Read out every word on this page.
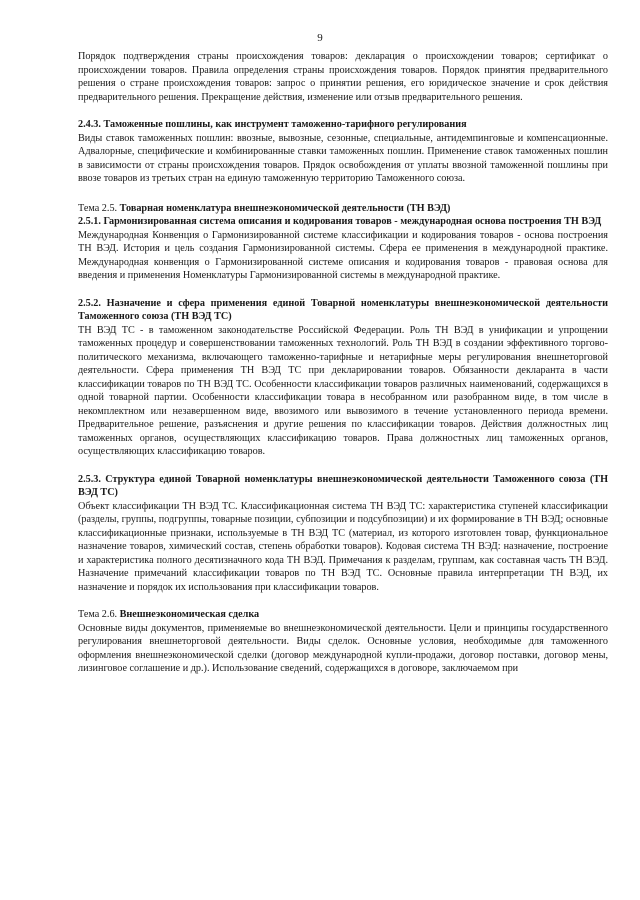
9

Порядок подтверждения страны происхождения товаров: декларация о происхождении товаров; сертификат о происхождении товаров. Правила определения страны происхождения товаров. Порядок принятия предварительного решения о стране происхождения товаров: запрос о принятии решения, его юридическое значение и срок действия предварительного решения. Прекращение действия, изменение или отзыв предварительного решения.

2.4.3. Таможенные пошлины, как инструмент таможенно-тарифного регулирования

Виды ставок таможенных пошлин: ввозные, вывозные, сезонные, специальные, антидемпинговые и компенсационные. Адвалорные, специфические и комбинированные ставки таможенных пошлин. Применение ставок таможенных пошлин в зависимости от страны происхождения товаров. Прядок освобождения от уплаты ввозной таможенной пошлины при ввозе товаров из третьих стран на единую таможенную территорию Таможенного союза.

Тема 2.5. Товарная номенклатура внешнеэкономической деятельности (ТН ВЭД)

2.5.1. Гармонизированная система описания и кодирования товаров - международная основа построения ТН ВЭД

Международная Конвенция о Гармонизированной системе классификации и кодирования товаров - основа построения ТН ВЭД. История и цель создания Гармонизированной системы. Сфера ее применения в международной практике. Международная конвенция о Гармонизированной системе описания и кодирования товаров - правовая основа для введения и применения Номенклатуры Гармонизированной системы в международной практике.

2.5.2. Назначение и сфера применения единой Товарной номенклатуры внешнеэкономической деятельности Таможенного союза (ТН ВЭД ТС)

ТН ВЭД ТС - в таможенном законодательстве Российской Федерации. Роль ТН ВЭД в унификации и упрощении таможенных процедур и совершенствовании таможенных технологий. Роль ТН ВЭД в создании эффективного торгово-политического механизма, включающего таможенно-тарифные и нетарифные меры регулирования внешнеторговой деятельности. Сфера применения ТН ВЭД ТС при декларировании товаров. Обязанности декларанта в части классификации товаров по ТН ВЭД ТС. Особенности классификации товаров различных наименований, содержащихся в одной товарной партии. Особенности классификации товара в несобранном или разобранном виде, в том числе в некомплектном или незавершенном виде, ввозимого или вывозимого в течение установленного периода времени. Предварительное решение, разъяснения и другие решения по классификации товаров. Действия должностных лиц таможенных органов, осуществляющих классификацию товаров. Права должностных лиц таможенных органов, осуществляющих классификацию товаров.

2.5.3. Структура единой Товарной номенклатуры внешнеэкономической деятельности Таможенного союза (ТН ВЭД ТС)

Объект классификации ТН ВЭД ТС. Классификационная система ТН ВЭД ТС: характеристика ступеней классификации (разделы, группы, подгруппы, товарные позиции, субпозиции и подсубпозиции) и их формирование в ТН ВЭД; основные классификационные признаки, используемые в ТН ВЭД ТС (материал, из которого изготовлен товар, функциональное назначение товаров, химический состав, степень обработки товаров). Кодовая система ТН ВЭД: назначение, построение и характеристика полного десятизначного кода ТН ВЭД. Примечания к разделам, группам, как составная часть ТН ВЭД. Назначение примечаний классификации товаров по ТН ВЭД ТС. Основные правила интерпретации ТН ВЭД, их назначение и порядок их использования при классификации товаров.

Тема 2.6. Внешнеэкономическая сделка

Основные виды документов, применяемые во внешнеэкономической деятельности. Цели и принципы государственного регулирования внешнеторговой деятельности. Виды сделок. Основные условия, необходимые для таможенного оформления внешнеэкономической сделки (договор международной купли-продажи, договор поставки, договор мены, лизинговое соглашение и др.). Использование сведений, содержащихся в договоре, заключаемом при
